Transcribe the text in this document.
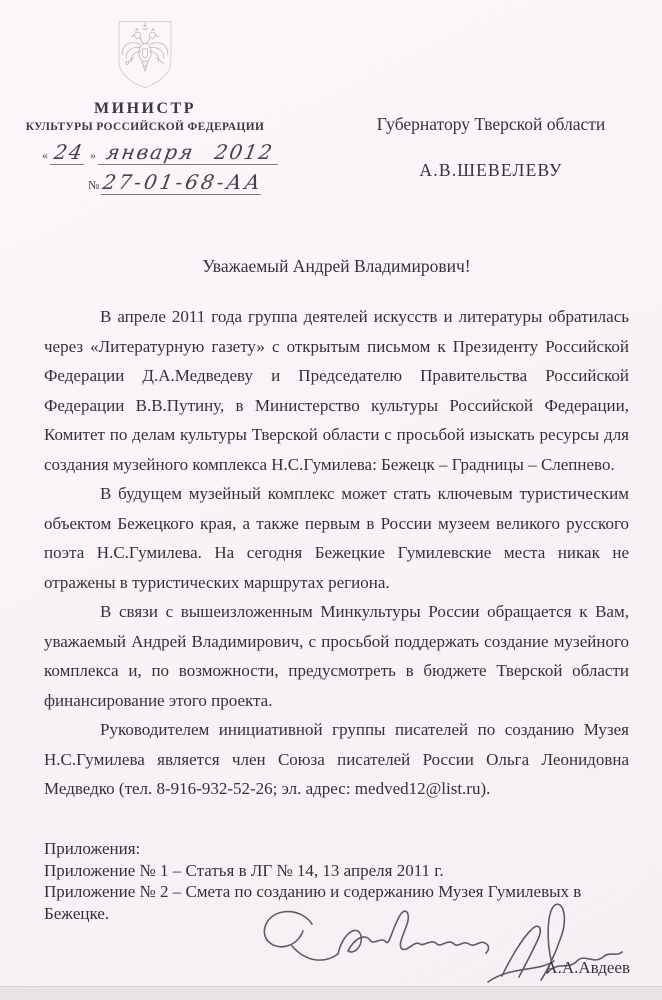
МИНИСТР
КУЛЬТУРЫ РОССИЙСКОЙ ФЕДЕРАЦИИ
« 24 » января 2012
№ 27-01-68-АА
Губернатору Тверской области
А.В.ШЕВЕЛЕВУ
Уважаемый Андрей Владимирович!

В апреле 2011 года группа деятелей искусств и литературы обратилась через «Литературную газету» с открытым письмом к Президенту Российской Федерации Д.А.Медведеву и Председателю Правительства Российской Федерации В.В.Путину, в Министерство культуры Российской Федерации, Комитет по делам культуры Тверской области с просьбой изыскать ресурсы для создания музейного комплекса Н.С.Гумилева: Бежецк – Градницы – Слепнево.

В будущем музейный комплекс может стать ключевым туристическим объектом Бежецкого края, а также первым в России музеем великого русского поэта Н.С.Гумилева. На сегодня Бежецкие Гумилевские места никак не отражены в туристических маршрутах региона.

В связи с вышеизложенным Минкультуры России обращается к Вам, уважаемый Андрей Владимирович, с просьбой поддержать создание музейного комплекса и, по возможности, предусмотреть в бюджете Тверской области финансирование этого проекта.

Руководителем инициативной группы писателей по созданию Музея Н.С.Гумилева является член Союза писателей России Ольга Леонидовна Медведко (тел. 8-916-932-52-26; эл. адрес: medved12@list.ru).

Приложения:
Приложение № 1 – Статья в ЛГ № 14, 13 апреля 2011 г.
Приложение № 2 – Смета по созданию и содержанию Музея Гумилевых в Бежецке.
А.А.Авдеев
